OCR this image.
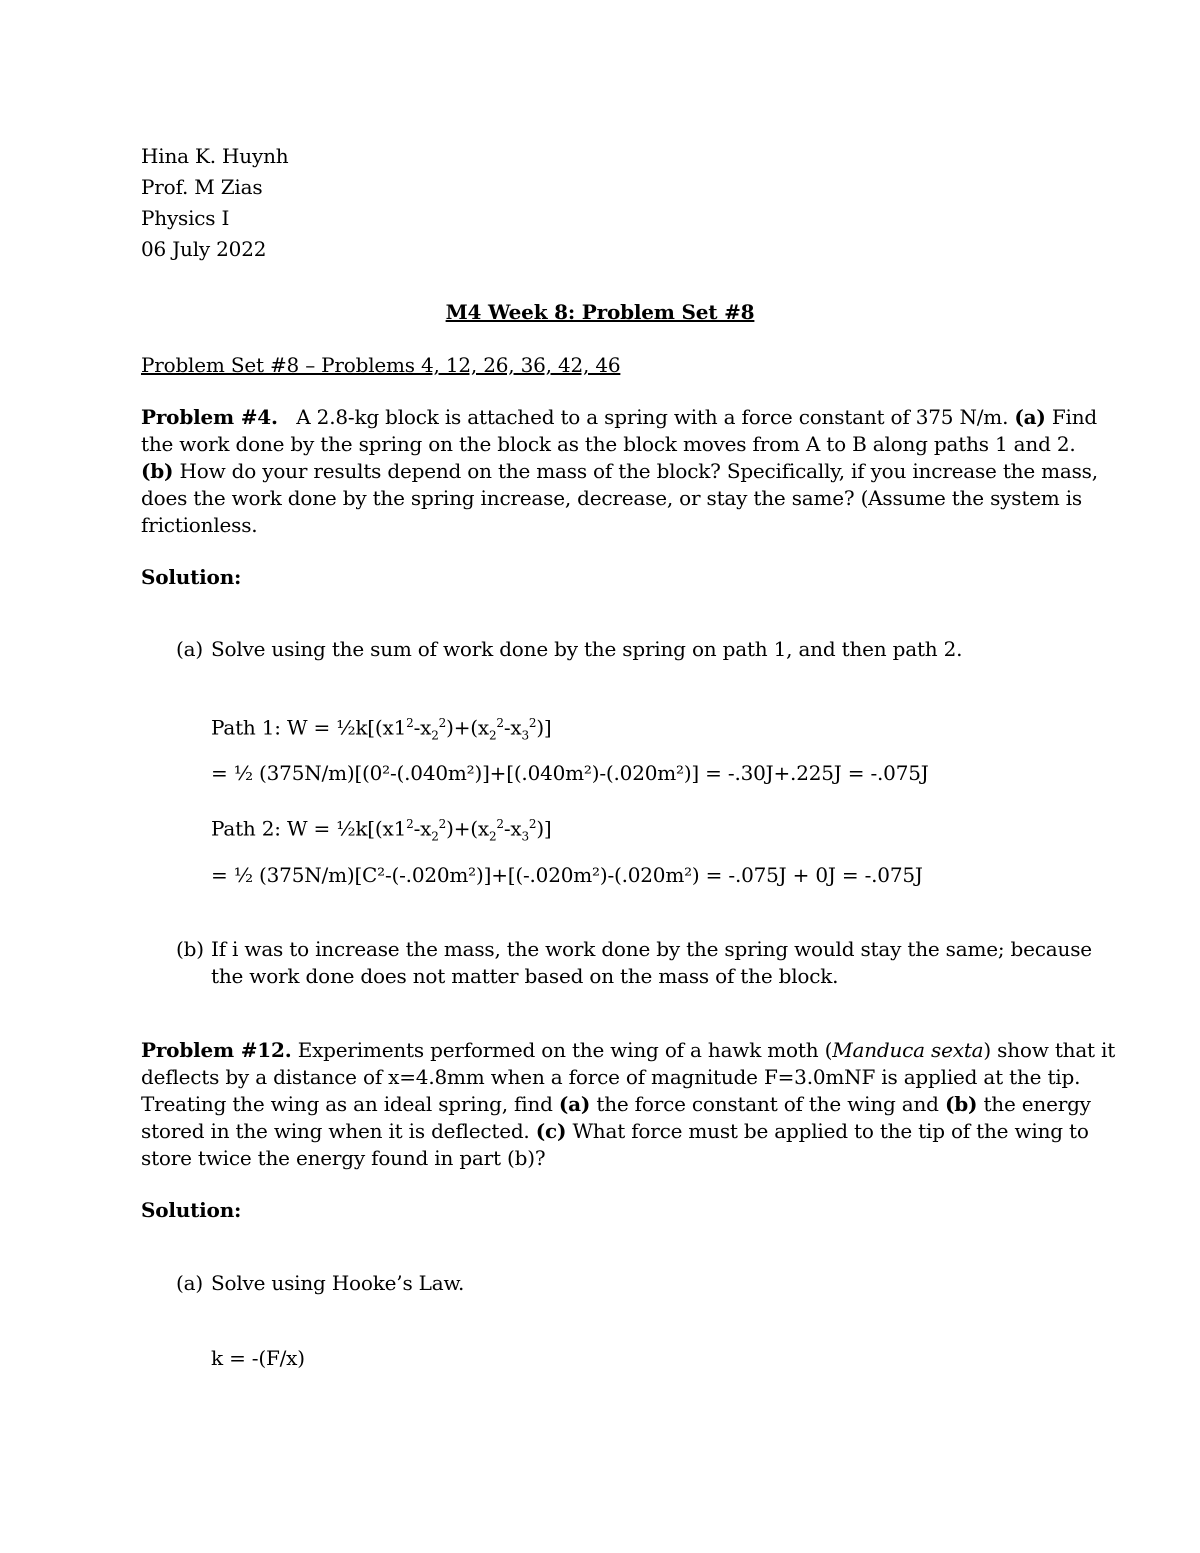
Hina K. Huynh
Prof. M Zias
Physics I
06 July 2022
M4 Week 8: Problem Set #8
Problem Set #8 – Problems 4, 12, 26, 36, 42, 46
Problem #4. A 2.8-kg block is attached to a spring with a force constant of 375 N/m. (a) Find
the work done by the spring on the block as the block moves from A to B along paths 1 and 2.
(b) How do your results depend on the mass of the block? Specifically, if you increase the mass,
does the work done by the spring increase, decrease, or stay the same? (Assume the system is
frictionless.
Solution:
(a) Solve using the sum of work done by the spring on path 1, and then path 2.
Path 1: $W = \frac{1}{2}k[(x1^2-x_2^2)+(x_2^2-x_3^2)]$
= ½ (375N/m)[(0²-(.040m²)]+[(.040m²)-(.020m²)] = -.30J+.225J = -.075J
Path 2: $W = \frac{1}{2}k[(x1^2-x_2^2)+(x_2^2-x_3^2)]$
= ½ (375N/m)[C²-(-.020m²)]+[(-.020m²)-(.020m²) = -.075J + 0J = -.075J
(b) If i was to increase the mass, the work done by the spring would stay the same; because
the work done does not matter based on the mass of the block.
Problem #12. Experiments performed on the wing of a hawk moth (Manduca sexta) show that it
deflects by a distance of x=4.8mm when a force of magnitude F=3.0mNF is applied at the tip.
Treating the wing as an ideal spring, find (a) the force constant of the wing and (b) the energy
stored in the wing when it is deflected. (c) What force must be applied to the tip of the wing to
store twice the energy found in part (b)?
Solution:
(a) Solve using Hooke’s Law.
k = -(F/x)
